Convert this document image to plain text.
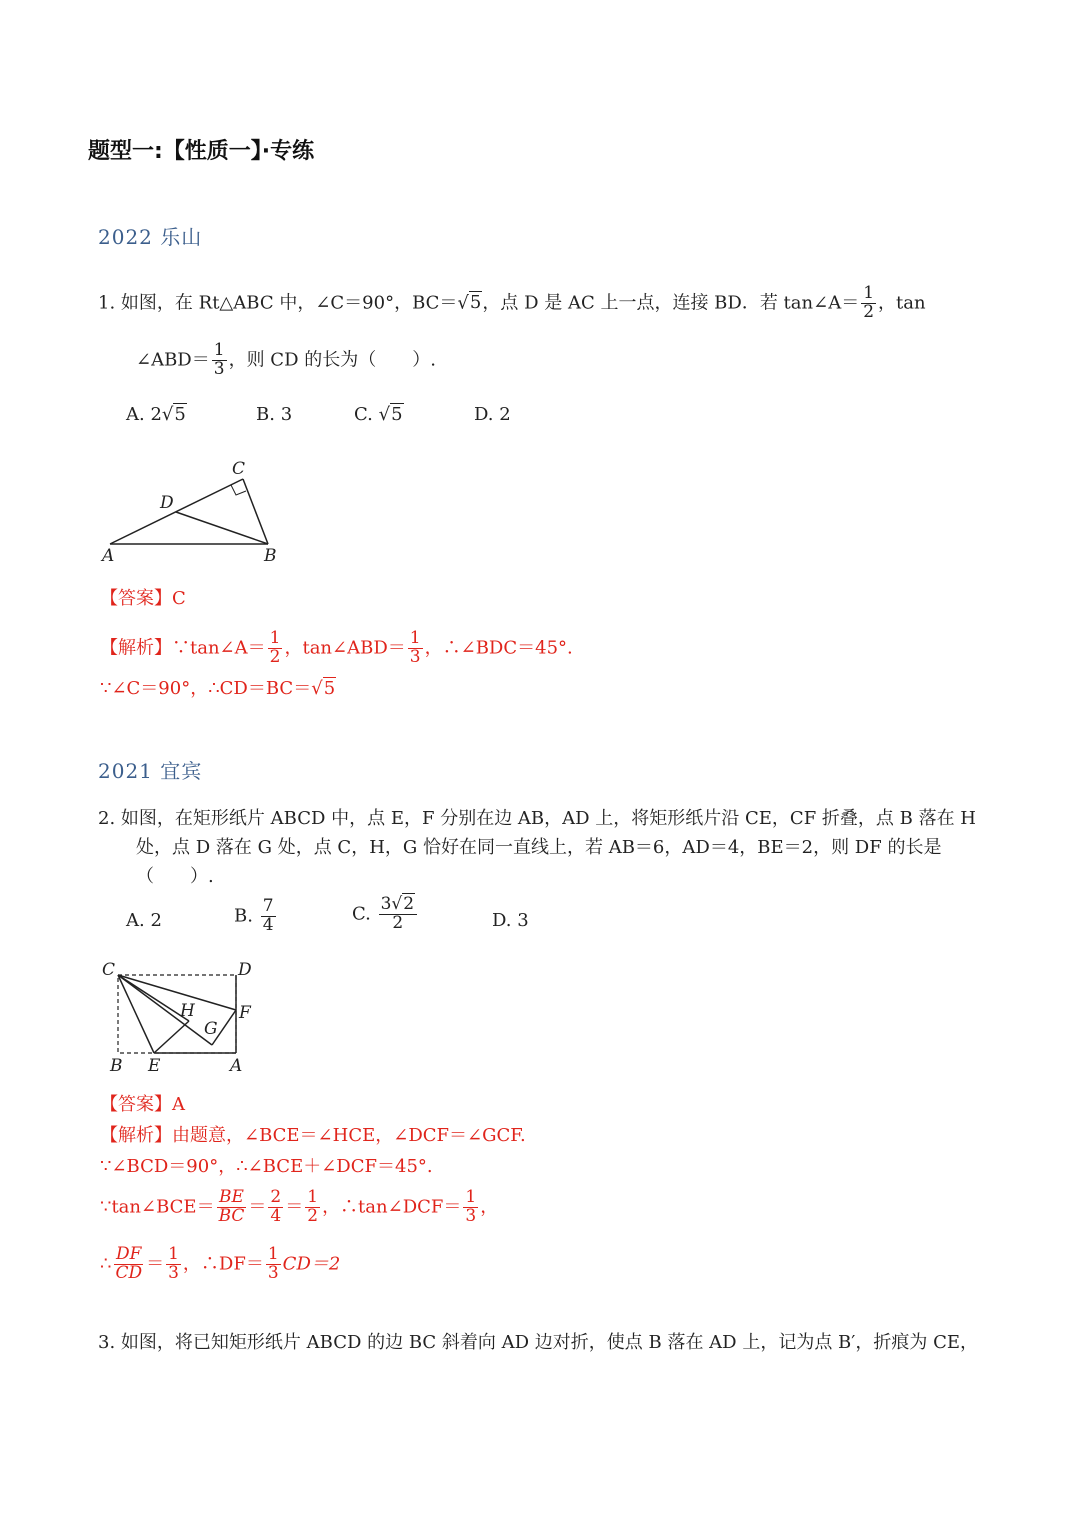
题型一:【性质一】·专练
2022 乐山
1. 如图，在 Rt△ABC 中，∠C＝90°，BC＝√5，点 D 是 AC 上一点，连接 BD．若 tan∠A＝ $\frac{1}{2}$ ，tan
∠ABD＝ $\frac{1}{3}$ ，则 CD 的长为（　　）.
A. 2√5	B. 3	C. √5	D. 2
A	B
C
D
【答案】C
【解析】∵tan∠A＝ $\frac{1}{2}$ ，tan∠ABD＝ $\frac{1}{3}$ ，∴∠BDC＝45°.
∵∠C＝90°，∴CD＝BC＝√5
2021 宜宾
2. 如图，在矩形纸片 ABCD 中，点 E，F 分别在边 AB，AD 上，将矩形纸片沿 CE，CF 折叠，点 B 落在 H
处，点 D 落在 G 处，点 C，H，G 恰好在同一直线上，若 AB＝6，AD＝4，BE＝2，则 DF 的长是
（　　）.
A. 2	B. $\frac{7}{4}$	C. $\frac{3√2}{2}$	D. 3
C	D
B E	A
F
H
G
【答案】A
【解析】由题意，∠BCE＝∠HCE，∠DCF＝∠GCF.
∵∠BCD＝90°，∴∠BCE＋∠DCF＝45°.
∵tan∠BCE＝ $\frac{BE}{BC} = \frac{2}{4} = \frac{1}{2}$ ，∴tan∠DCF＝ $\frac{1}{3}$ ，
∴ $\frac{DF}{CD} = \frac{1}{3}$ ，∴DF＝ $\frac{1}{3} CD=2$
3. 如图，将已知矩形纸片 ABCD 的边 BC 斜着向 AD 边对折，使点 B 落在 AD 上，记为点 B′，折痕为 CE，
